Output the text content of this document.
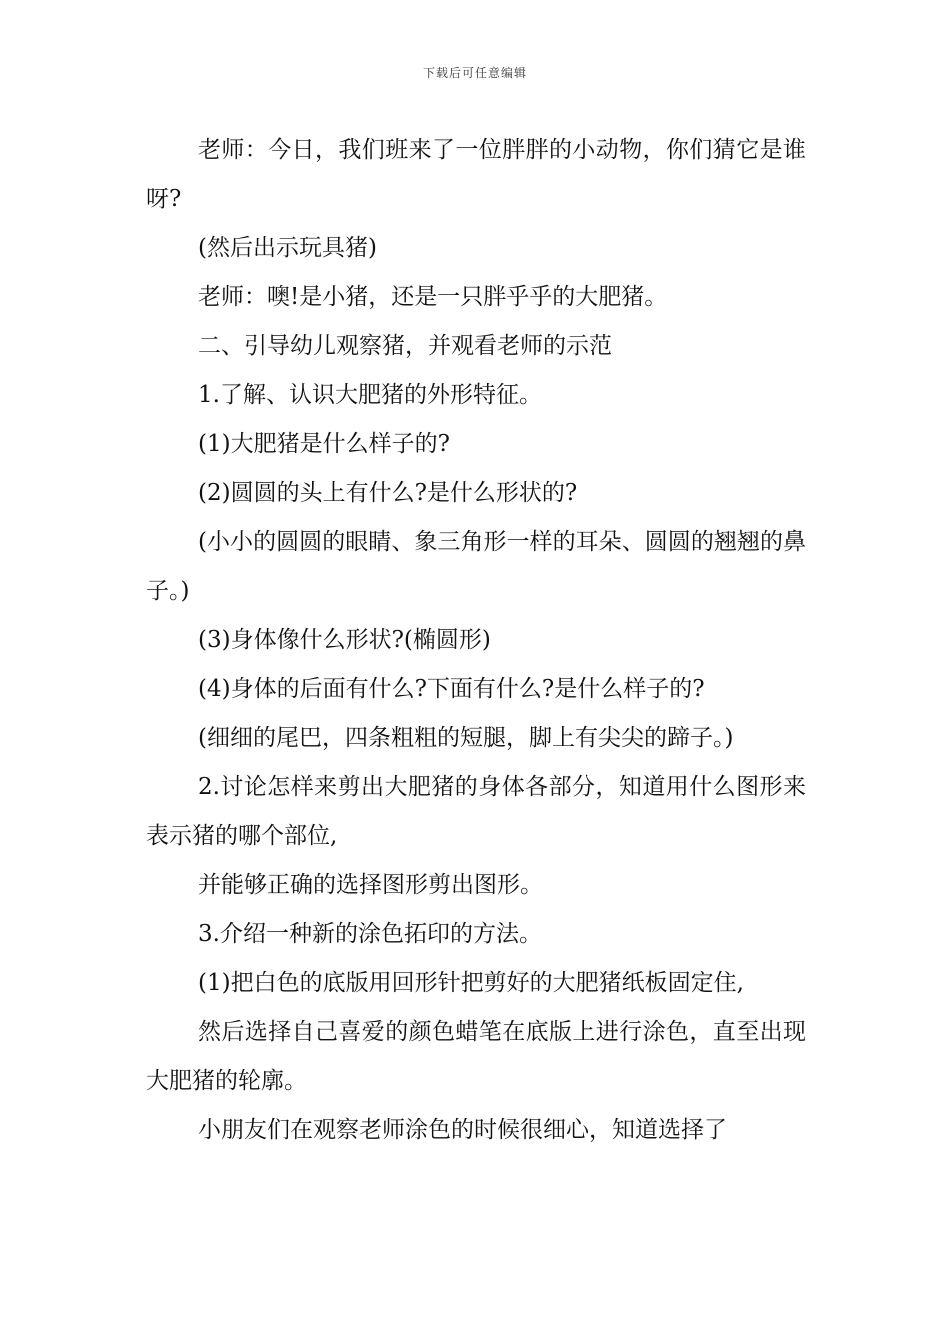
下载后可任意编辑

老师：今日，我们班来了一位胖胖的小动物，你们猜它是谁呀?

(然后出示玩具猪)

老师：噢!是小猪，还是一只胖乎乎的大肥猪。

二、引导幼儿观察猪，并观看老师的示范

1.了解、认识大肥猪的外形特征。

(1)大肥猪是什么样子的?

(2)圆圆的头上有什么?是什么形状的?

(小小的圆圆的眼睛、象三角形一样的耳朵、圆圆的翘翘的鼻子。)

(3)身体像什么形状?(椭圆形)

(4)身体的后面有什么?下面有什么?是什么样子的?

(细细的尾巴，四条粗粗的短腿，脚上有尖尖的蹄子。)

2.讨论怎样来剪出大肥猪的身体各部分，知道用什么图形来表示猪的哪个部位,

并能够正确的选择图形剪出图形。

3.介绍一种新的涂色拓印的方法。

(1)把白色的底版用回形针把剪好的大肥猪纸板固定住,

然后选择自己喜爱的颜色蜡笔在底版上进行涂色，直至出现大肥猪的轮廓。

小朋友们在观察老师涂色的时候很细心，知道选择了
